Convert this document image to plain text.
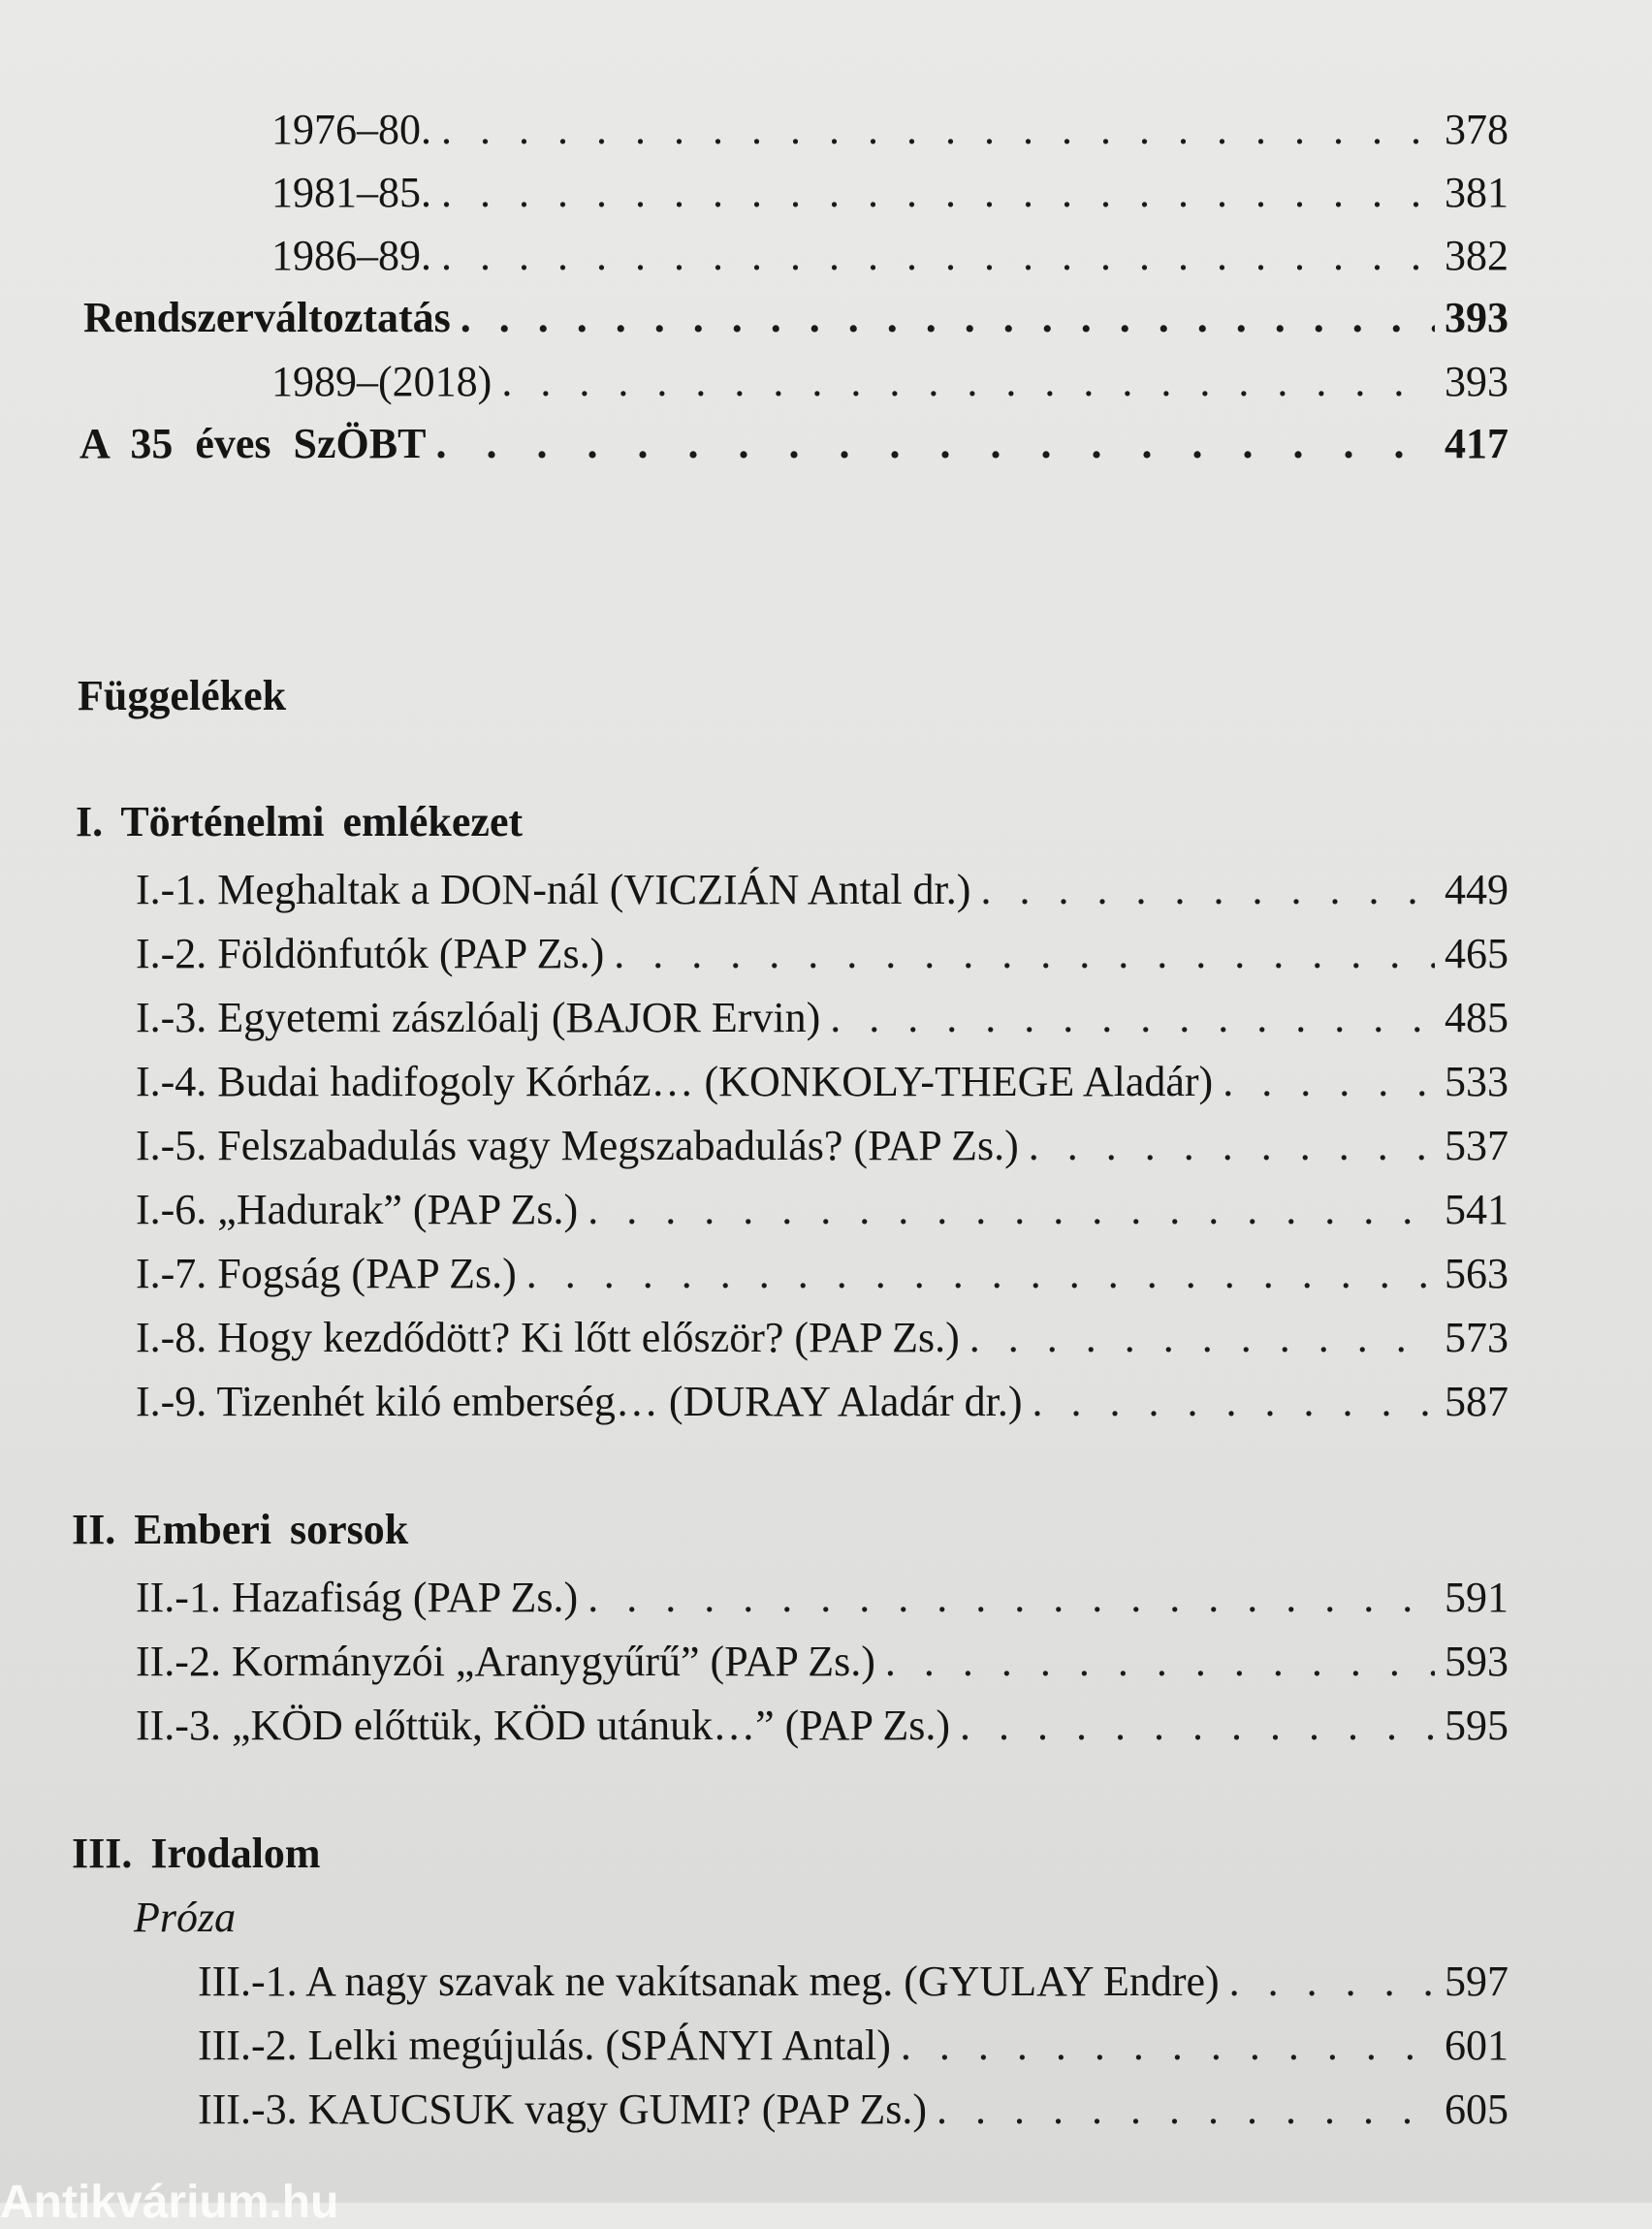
1976–80. . . .	378
1981–85. . . .	381
1986–89. . . .	382
Rendszerváltoztatás . . .	393
1989–(2018) . . .	393
A 35 éves SzÖBT . . .	417
Függelékek
I. Történelmi emlékezet
I.-1. Meghaltak a DON-nál (VICZIÁN Antal dr.) . . .	449
I.-2. Földönfutók (PAP Zs.) . . .	465
I.-3. Egyetemi zászlóalj (BAJOR Ervin) . . .	485
I.-4. Budai hadifogoly Kórház… (KONKOLY-THEGE Aladár) . . .	533
I.-5. Felszabadulás vagy Megszabadulás? (PAP Zs.) . . .	537
I.-6. „Hadurak” (PAP Zs.) . . .	541
I.-7. Fogság (PAP Zs.) . . .	563
I.-8. Hogy kezdődött? Ki lőtt először? (PAP Zs.) . . .	573
I.-9. Tizenhét kiló emberség… (DURAY Aladár dr.) . . .	587
II. Emberi sorsok
II.-1. Hazafiság (PAP Zs.) . . .	591
II.-2. Kormányzói „Aranygyűrű” (PAP Zs.) . . .	593
II.-3. „KÖD előttük, KÖD utánuk…” (PAP Zs.) . . .	595
III. Irodalom
Próza
III.-1. A nagy szavak ne vakítsanak meg. (GYULAY Endre) . . .	597
III.-2. Lelki megújulás. (SPÁNYI Antal) . . .	601
III.-3. KAUCSUK vagy GUMI? (PAP Zs.) . . .	605
Antikvárium.hu
